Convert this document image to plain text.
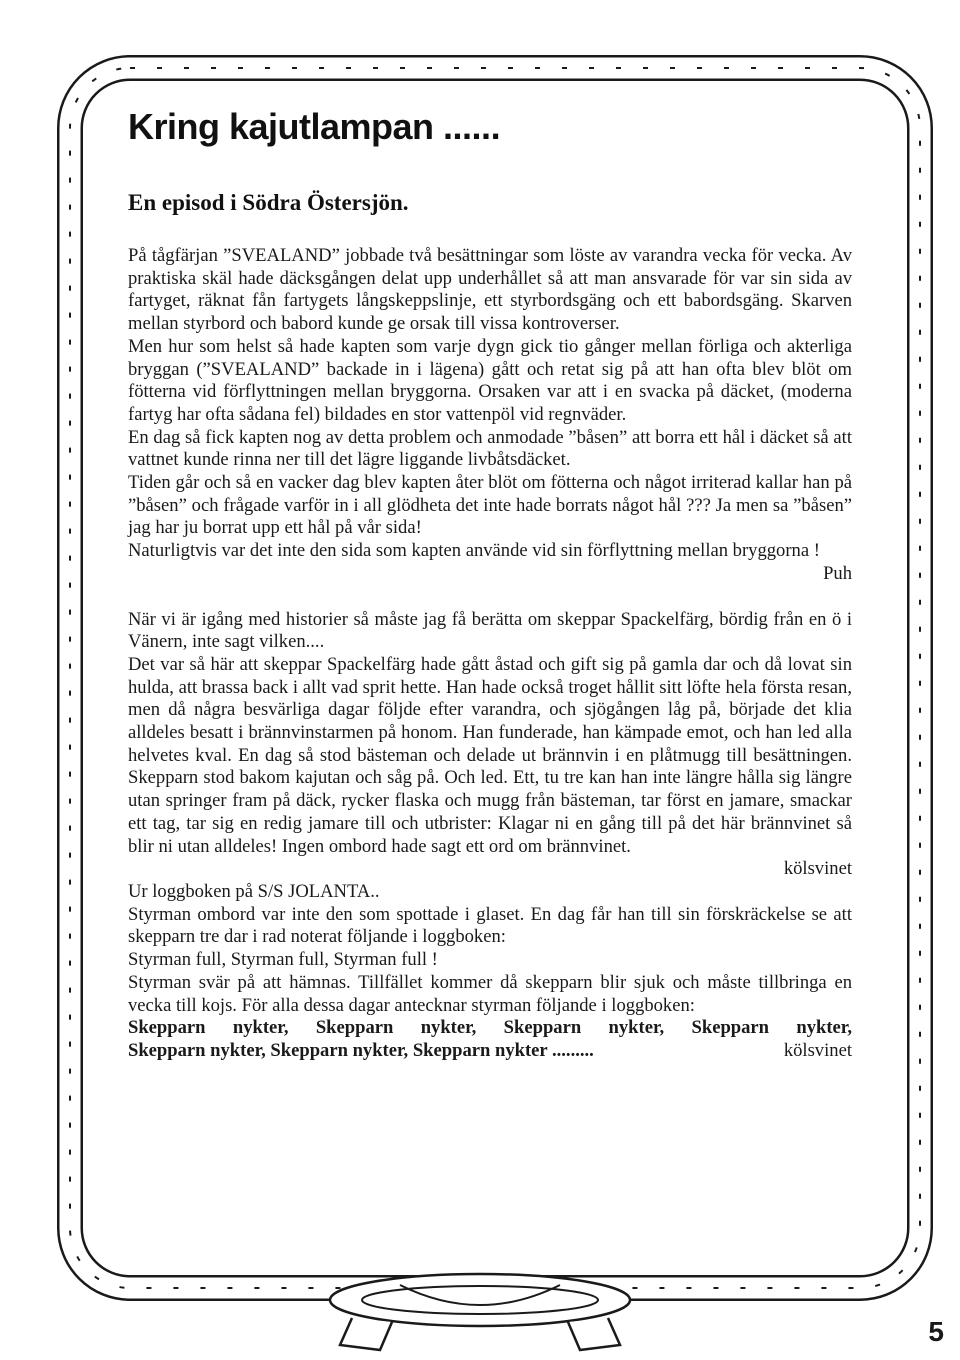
Kring kajutlampan ......
En episod i Södra Östersjön.

På tågfärjan ”SVEALAND” jobbade två besättningar som löste av varandra vecka för vecka. Av praktiska skäl hade däcksgången delat upp underhållet så att man ansvarade för var sin sida av fartyget, räknat fån fartygets långskeppslinje, ett styrbordsgäng och ett babordsgäng. Skarven mellan styrbord och babord kunde ge orsak till vissa kontroverser.

Men hur som helst så hade kapten som varje dygn gick tio gånger mellan förliga och akterliga bryggan (”SVEALAND” backade in i lägena) gått och retat sig på att han ofta blev blöt om fötterna vid förflyttningen mellan bryggorna. Orsaken var att i en svacka på däcket, (moderna fartyg har ofta sådana fel) bildades en stor vattenpöl vid regnväder.

En dag så fick kapten nog av detta problem och anmodade ”båsen” att borra ett hål i däcket så att vattnet kunde rinna ner till det lägre liggande livbåtsdäcket.

Tiden går och så en vacker dag blev kapten åter blöt om fötterna och något irriterad kallar han på ”båsen” och frågade varför in i all glödheta det inte hade borrats något hål ??? Ja men sa ”båsen” jag har ju borrat upp ett hål på vår sida!

Naturligtvis var det inte den sida som kapten använde vid sin förflyttning mellan bryggorna !

Puh

När vi är igång med historier så måste jag få berätta om skeppar Spackelfärg, bördig från en ö i Vänern, inte sagt vilken....

Det var så här att skeppar Spackelfärg hade gått åstad och gift sig på gamla dar och då lovat sin hulda, att brassa back i allt vad sprit hette. Han hade också troget hållit sitt löfte hela första resan, men då några besvärliga dagar följde efter varandra, och sjögången låg på, började det klia alldeles besatt i brännvinstarmen på honom. Han funderade, han kämpade emot, och han led alla helvetes kval. En dag så stod bästeman och delade ut brännvin i en plåtmugg till besättningen. Skepparn stod bakom kajutan och såg på. Och led. Ett, tu tre kan han inte längre hålla sig längre utan springer fram på däck, rycker flaska och mugg från bästeman, tar först en jamare, smackar ett tag, tar sig en redig jamare till och utbrister: Klagar ni en gång till på det här brännvinet så blir ni utan alldeles! Ingen ombord hade sagt ett ord om brännvinet.

kölsvinet

Ur loggboken på S/S JOLANTA..

Styrman ombord var inte den som spottade i glaset. En dag får han till sin förskräckelse se att skepparn tre dar i rad noterat följande i loggboken:

Styrman full, Styrman full, Styrman full !

Styrman svär på att hämnas. Tillfället kommer då skepparn blir sjuk och måste tillbringa en vecka till kojs. För alla dessa dagar antecknar styrman följande i loggboken:

Skepparn nykter, Skepparn nykter, Skepparn nykter, Skepparn nykter,

Skepparn nykter, Skepparn nykter, Skepparn nykter .........	kölsvinet
5
